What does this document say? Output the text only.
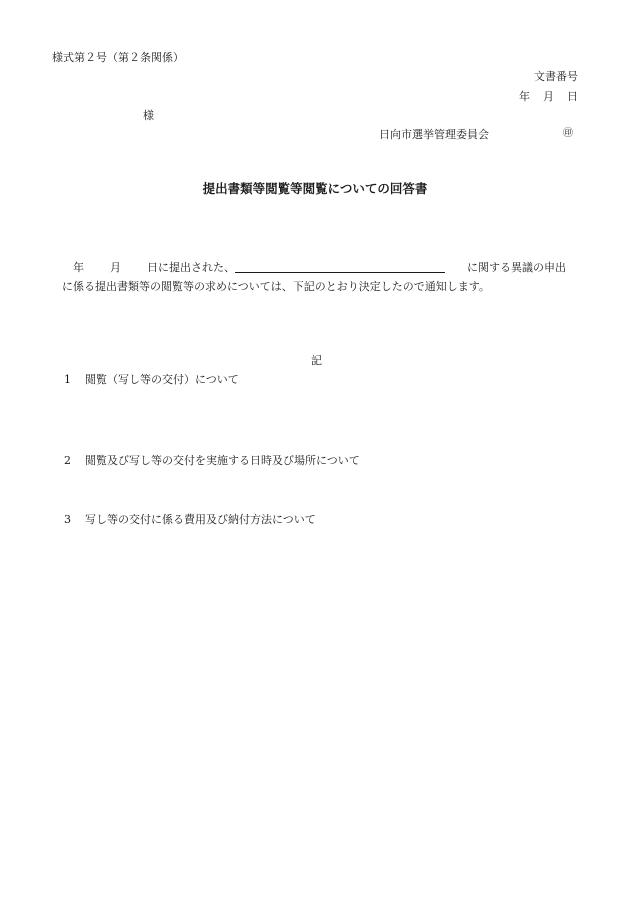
様式第２号（第２条関係）
文書番号
年 月 日
様
日向市選挙管理委員会	㊞
提出書類等閲覧等閲覧についての回答書
年 月 日に提出された、	に関する異議の申出
に係る提出書類等の閲覧等の求めについては、下記のとおり決定したので通知します。
記
1 閲覧（写し等の交付）について
2 閲覧及び写し等の交付を実施する日時及び場所について
3 写し等の交付に係る費用及び納付方法について
